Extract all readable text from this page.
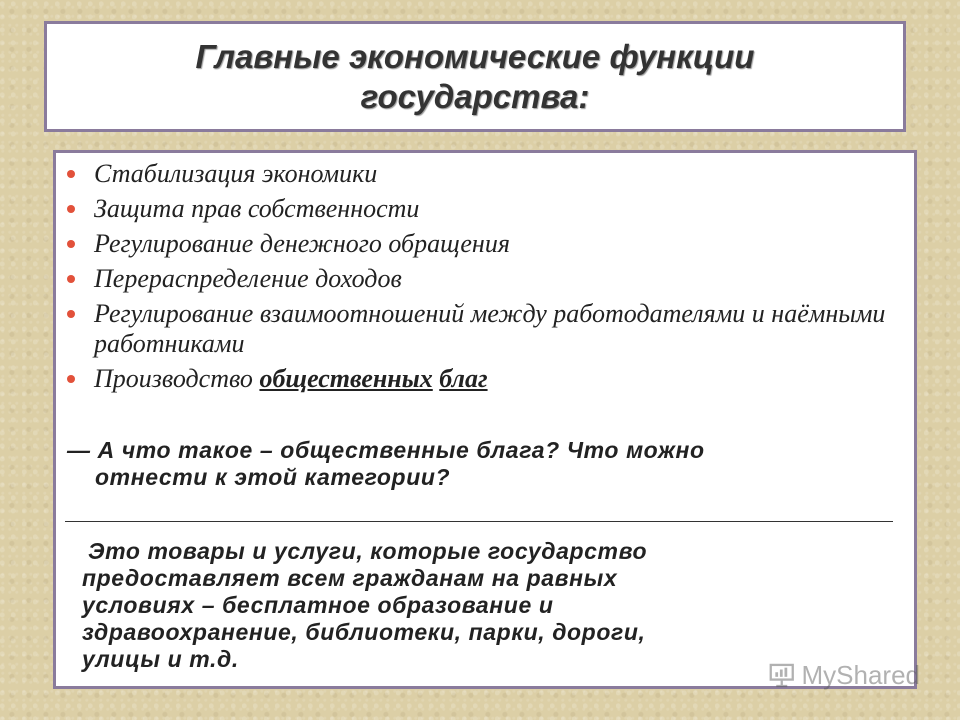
Главные экономические функции
государства:
Стабилизация экономики
Защита прав собственности
Регулирование денежного обращения
Перераспределение доходов
Регулирование взаимоотношений между работодателями и наёмными работниками
Производство общественных благ
— А что такое – общественные блага? Что можно
отнести к этой категории?
Это товары и услуги, которые государство
предоставляет всем гражданам на равных
условиях – бесплатное образование и
здравоохранение, библиотеки, парки, дороги,
улицы и т.д.
MyShared
